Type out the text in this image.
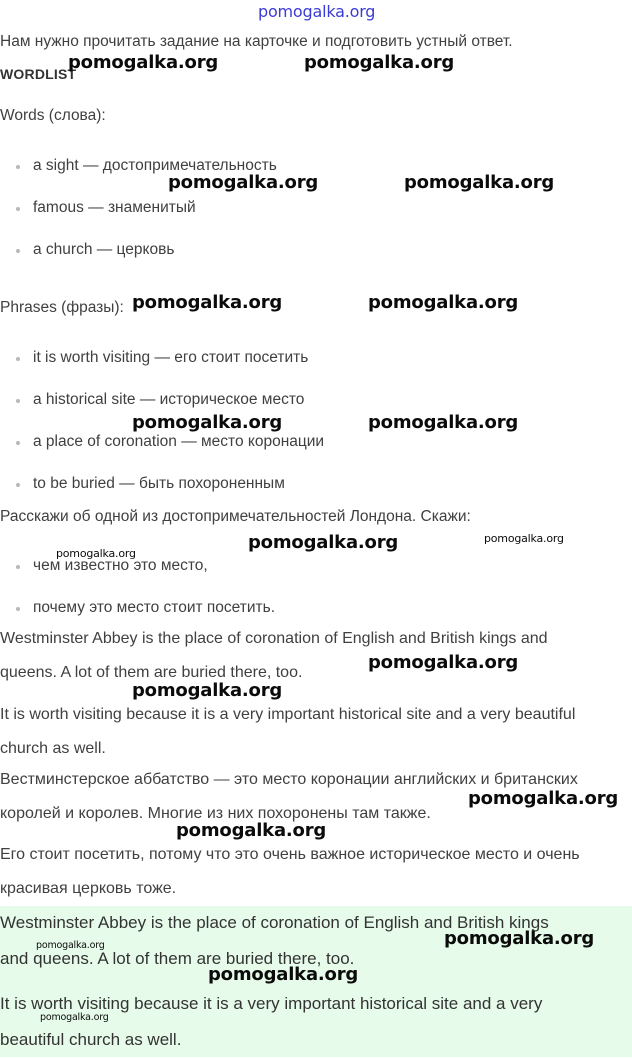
pomogalka.org
Нам нужно прочитать задание на карточке и подготовить устный ответ.
WORDLIST
Words (слова):
a sight — достопримечательность
famous — знаменитый
a church — церковь
Phrases (фразы):
it is worth visiting — его стоит посетить
a historical site — историческое место
a place of coronation — место коронации
to be buried — быть похороненным
Расскажи об одной из достопримечательностей Лондона. Скажи:
чем известно это место,
почему это место стоит посетить.
Westminster Abbey is the place of coronation of English and British kings and
queens. A lot of them are buried there, too.
It is worth visiting because it is a very important historical site and a very beautiful
church as well.
Вестминстерское аббатство — это место коронации английских и британских
королей и королев. Многие из них похоронены там также.
Его стоит посетить, потому что это очень важное историческое место и очень
красивая церковь тоже.
Westminster Abbey is the place of coronation of English and British kings
and queens. A lot of them are buried there, too.
It is worth visiting because it is a very important historical site and a very
beautiful church as well.
pomogalka.org	pomogalka.org
pomogalka.org	pomogalka.org
pomogalka.org	pomogalka.org
pomogalka.org	pomogalka.org
pomogalka.org
pomogalka.org	pomogalka.org
pomogalka.org
pomogalka.org
pomogalka.org
pomogalka.org
pomogalka.org
pomogalka.org
pomogalka.org
pomogalka.org
